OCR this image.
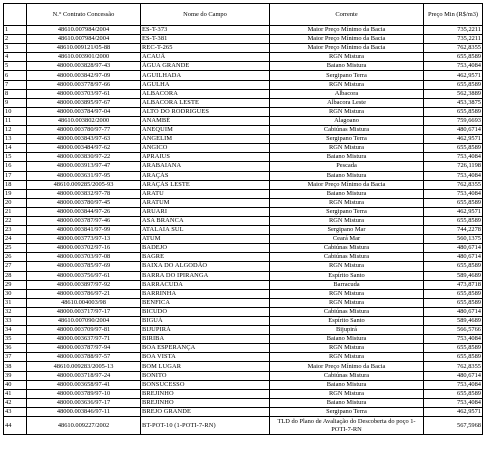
	N.° Contrato Concessão	Nome do Campo	Corrente	Preço Min (R$/m3)
1	48610.007984/2004	ES-T-373	Maior Preço Mínimo da Bacia	735,2211
2	48610.007984/2004	ES-T-381	Maior Preço Mínimo da Bacia	735,2211
3	48610.009121/05-88	REC-T-265	Maior Preço Mínimo da Bacia	762,8355
4	48610.003901/2000	ACAUÃ	RGN Mistura	655,8589
5	48000.003828/97-43	ÁGUA GRANDE	Baiano Mistura	753,4084
6	48000.003842/97-09	AGUILHADA	Sergipano Terra	462,9571
7	48000.003778/97-66	AGULHA	RGN Mistura	655,8589
8	48000.003703/97-61	ALBACORA	Albacora	562,3889
9	48000.003895/97-67	ALBACORA LESTE	Albacora Leste	453,3875
10	48000.003784/97-04	ALTO DO RODRIGUES	RGN Mistura	655,8589
11	48610.003802/2000	ANAMBÉ	Alagoano	759,6693
12	48000.003780/97-77	ANEQUIM	Cabiúnas Mistura	480,6714
13	48000.003843/97-63	ANGELIM	Sergipano Terra	462,9571
14	48000.003484/97-62	ANGICO	RGN Mistura	655,8589
15	48000.003830/97-22	APRAIUS	Baiano Mistura	753,4084
16	48000.003913/97-47	ARABAIANA	Pescada	726,1198
17	48000.003631/97-95	ARAÇÁS	Baiano Mistura	753,4084
18	48610.009285/2005-93	ARAÇÁS LESTE	Maior Preço Mínimo da Bacia	762,8355
19	48000.003832/97-78	ARATU	Baiano Mistura	753,4084
20	48000.003780/97-45	ARATUM	RGN Mistura	655,8589
21	48000.003844/97-26	ARUARI	Sergipano Terra	462,9571
22	48000.003787/97-46	ASA BRANCA	RGN Mistura	655,8589
23	48000.003841/97-99	ATALAIA SUL	Sergipano Mar	744,2278
24	48000.003773/97-13	ATUM	Ceará Mar	560,1375
25	48000.003702/97-16	BADEJO	Cabiúnas Mistura	480,6714
26	48000.003703/97-08	BAGRE	Cabiúnas Mistura	480,6714
27	48000.003785/97-69	BAIXA DO ALGODÃO	RGN Mistura	655,8589
28	48000.003756/97-61	BARRA DO IPIRANGA	Espírito Santo	589,4689
29	48000.003897/97-92	BARRACUDA	Barracuda	473,8718
30	48000.003786/97-21	BARRINHA	RGN Mistura	655,8589
31	48610.004003/98	BENFICA	RGN Mistura	655,8589
32	48000.003717/97-17	BICUDO	Cabiúnas Mistura	480,6714
33	48610.007090/2004	BIGUÁ	Espírito Santo	589,4689
34	48000.003709/97-81	BIJUPIRÁ	Bijupirá	566,5766
35	48000.003637/97-71	BIRIBA	Baiano Mistura	753,4084
36	48000.003787/97-94	BOA ESPERANÇA	RGN Mistura	655,8589
37	48000.003788/97-57	BOA VISTA	RGN Mistura	655,8589
38	48610.009283/2005-13	BOM LUGAR	Maior Preço Mínimo da Bacia	762,8355
39	48000.003718/97-24	BONITO	Cabiúnas Mistura	480,6714
40	48000.003658/97-41	BONSUCESSO	Baiano Mistura	753,4084
41	48000.003789/97-10	BREJINHO	RGN Mistura	655,8589
42	48000.003636/97-17	BREJINHO	Baiano Mistura	753,4084
43	48000.003846/97-11	BREJO GRANDE	Sergipano Terra	462,9571
44	48610.009227/2002	BT-POT-10 (1-POTI-7-RN)	TLD do Plano de Avaliação do Descoberta do poço 1-POTI-7-RN	567,5968
